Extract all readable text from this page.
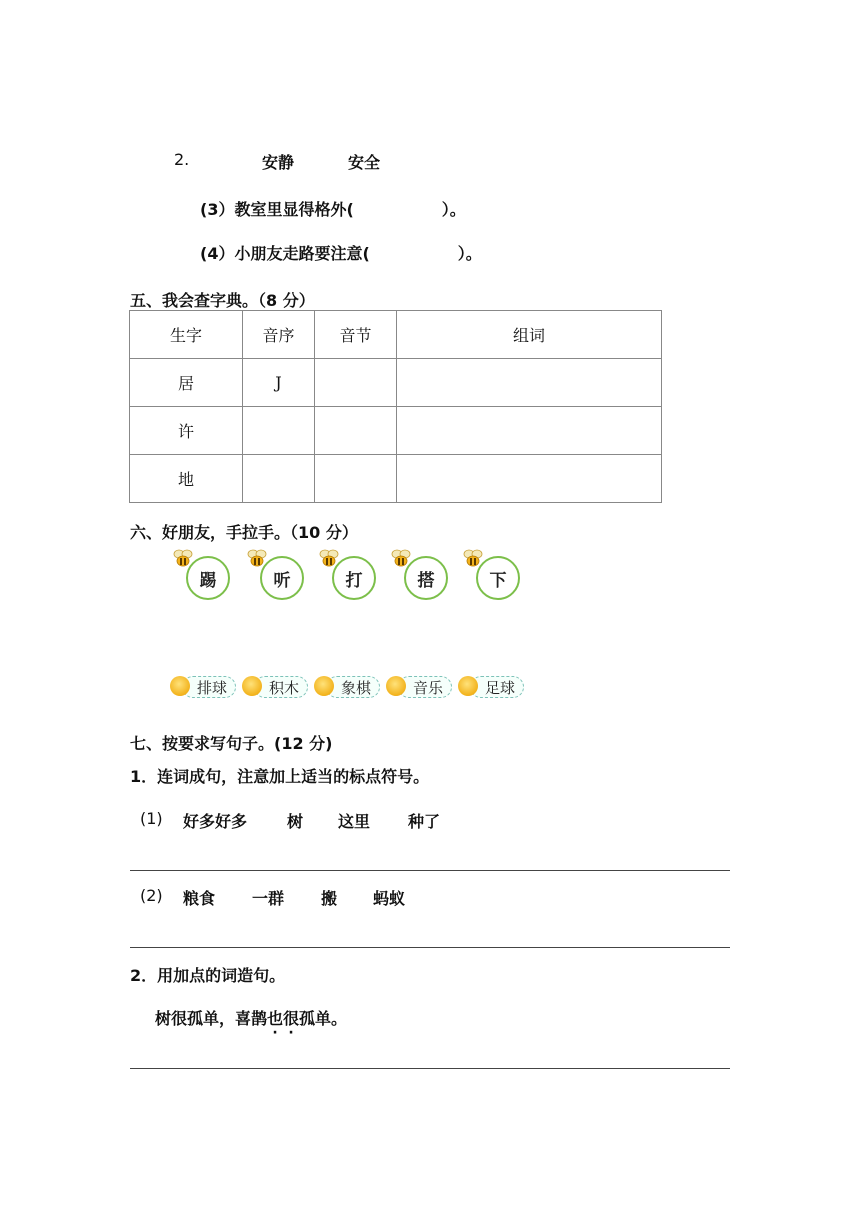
2.	安静	安全
(3）教室里显得格外(	）。
(4）小朋友走路要注意(	）。
五、我会查字典。（8 分）
生字	音序	音节	组词
居	J		
许			
地			
六、好朋友，手拉手。（10 分）
踢	听	打	搭	下
排球	积木	象棋	音乐	足球
七、按要求写句子。(12 分)
1．连词成句，注意加上适当的标点符号。
(1) 好多好多 树 这里 种了
(2) 粮食 一群 搬 蚂蚁
2．用加点的词造句。
树很孤单，喜鹊也很孤单。
